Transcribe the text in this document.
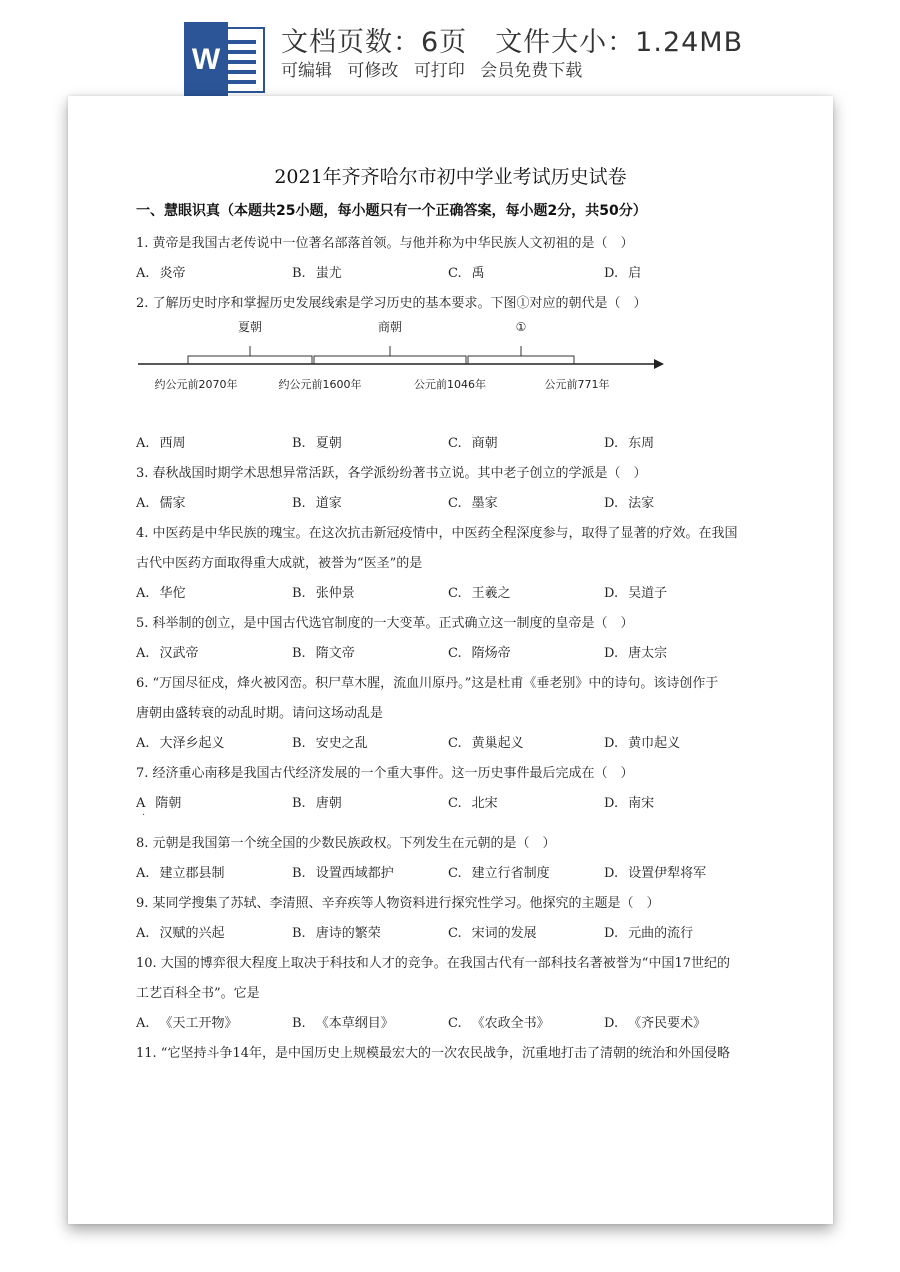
W
文档页数：6页 文件大小：1.24MB
可编辑 可修改 可打印 会员免费下载
2021年齐齐哈尔市初中学业考试历史试卷
一、慧眼识真（本题共25小题，每小题只有一个正确答案，每小题2分，共50分）
1. 黄帝是我国古老传说中一位著名部落首领。与他并称为中华民族人文初祖的是（　）
A. 炎帝	B. 蚩尤	C. 禹	D. 启
2. 了解历史时序和掌握历史发展线索是学习历史的基本要求。下图①对应的朝代是（　）
夏朝	商朝	①
约公元前2070年	约公元前1600年	公元前1046年	公元前771年
A. 西周	B. 夏朝	C. 商朝	D. 东周
3. 春秋战国时期学术思想异常活跃，各学派纷纷著书立说。其中老子创立的学派是（　）
A. 儒家	B. 道家	C. 墨家	D. 法家
4. 中医药是中华民族的瑰宝。在这次抗击新冠疫情中，中医药全程深度参与，取得了显著的疗效。在我国
古代中医药方面取得重大成就，被誉为“医圣”的是
A. 华佗	B. 张仲景	C. 王羲之	D. 吴道子
5. 科举制的创立，是中国古代选官制度的一大变革。正式确立这一制度的皇帝是（　）
A. 汉武帝	B. 隋文帝	C. 隋炀帝	D. 唐太宗
6. “万国尽征戍，烽火被冈峦。积尸草木腥，流血川原丹。”这是杜甫《垂老别》中的诗句。该诗创作于
唐朝由盛转衰的动乱时期。请问这场动乱是
A. 大泽乡起义	B. 安史之乱	C. 黄巢起义	D. 黄巾起义
7. 经济重心南移是我国古代经济发展的一个重大事件。这一历史事件最后完成在（　）
A 隋朝	B. 唐朝	C. 北宋	D. 南宋
·
8. 元朝是我国第一个统全国的少数民族政权。下列发生在元朝的是（　）
A. 建立郡县制	B. 设置西域都护	C. 建立行省制度	D. 设置伊犁将军
9. 某同学搜集了苏轼、李清照、辛弃疾等人物资料进行探究性学习。他探究的主题是（　）
A. 汉赋的兴起	B. 唐诗的繁荣	C. 宋词的发展	D. 元曲的流行
10. 大国的博弈很大程度上取决于科技和人才的竞争。在我国古代有一部科技名著被誉为“中国17世纪的
工艺百科全书”。它是
A. 《天工开物》	B. 《本草纲目》	C. 《农政全书》	D. 《齐民要术》
11. “它坚持斗争14年，是中国历史上规模最宏大的一次农民战争，沉重地打击了清朝的统治和外国侵略
